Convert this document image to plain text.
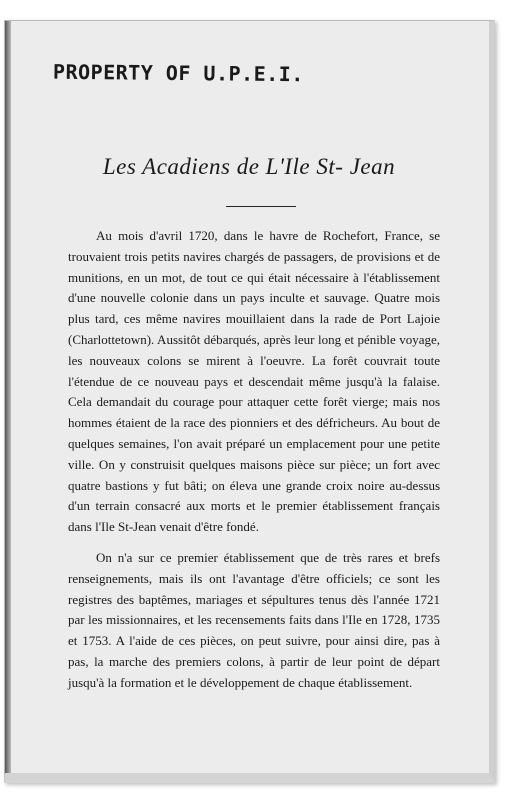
PROPERTY OF U.P.E.I.
Les Acadiens de L'Ile St- Jean

Au mois d'avril 1720, dans le havre de Rochefort, France, se trouvaient trois petits navires chargés de passagers, de provisions et de munitions, en un mot, de tout ce qui était nécessaire à l'établissement d'une nouvelle colonie dans un pays inculte et sauvage. Quatre mois plus tard, ces même navires mouillaient dans la rade de Port Lajoie (Charlottetown). Aussitôt débarqués, après leur long et pénible voyage, les nouveaux colons se mirent à l'oeuvre. La forêt couvrait toute l'étendue de ce nouveau pays et descendait même jusqu'à la falaise. Cela demandait du courage pour attaquer cette forêt vierge; mais nos hommes étaient de la race des pionniers et des défricheurs. Au bout de quelques semaines, l'on avait préparé un emplacement pour une petite ville. On y construisit quelques maisons pièce sur pièce; un fort avec quatre bastions y fut bâti; on éleva une grande croix noire au-dessus d'un terrain consacré aux morts et le premier établissement français dans l'Ile St-Jean venait d'être fondé.

On n'a sur ce premier établissement que de très rares et brefs renseignements, mais ils ont l'avantage d'être officiels; ce sont les registres des baptêmes, mariages et sépultures tenus dès l'année 1721 par les missionnaires, et les recensements faits dans l'Ile en 1728, 1735 et 1753. A l'aide de ces pièces, on peut suivre, pour ainsi dire, pas à pas, la marche des premiers colons, à partir de leur point de départ jusqu'à la formation et le développement de chaque établissement.
